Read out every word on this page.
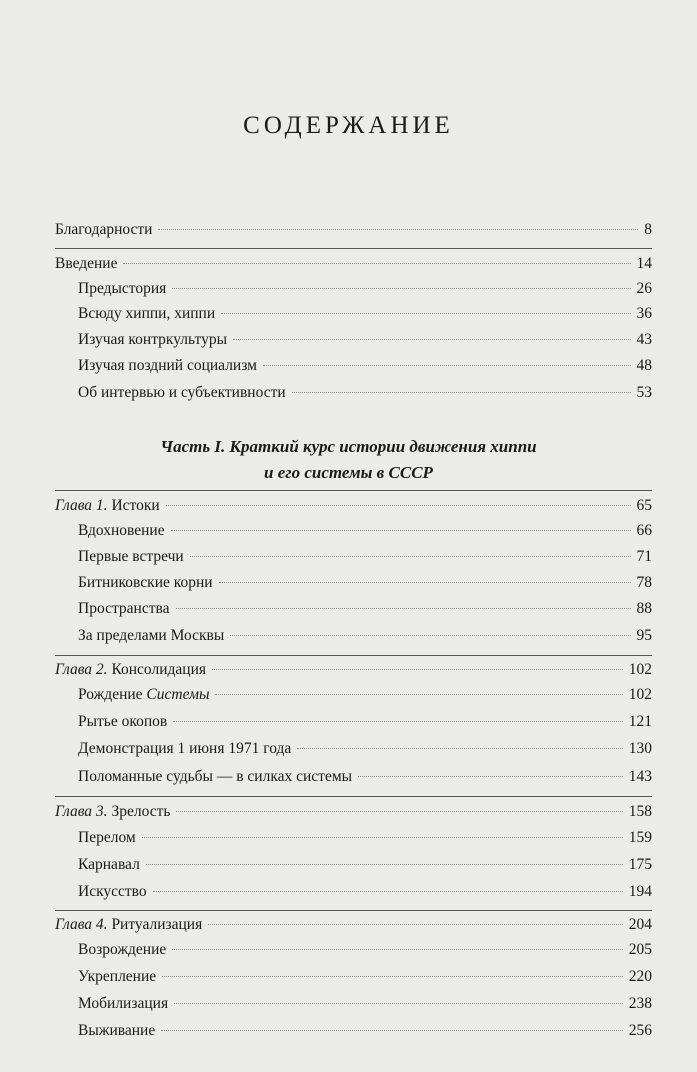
СОДЕРЖАНИЕ
Благодарности	8
Введение	14
Предыстория	26
Всюду хиппи, хиппи	36
Изучая контркультуры	43
Изучая поздний социализм	48
Об интервью и субъективности	53
Часть I. Краткий курс истории движения хиппи
и его системы в СССР
Глава 1. Истоки	65
Вдохновение	66
Первые встречи	71
Битниковские корни	78
Пространства	88
За пределами Москвы	95
Глава 2. Консолидация	102
Рождение Системы	102
Рытье окопов	121
Демонстрация 1 июня 1971 года	130
Поломанные судьбы — в силках системы	143
Глава 3. Зрелость	158
Перелом	159
Карнавал	175
Искусство	194
Глава 4. Ритуализация	204
Возрождение	205
Укрепление	220
Мобилизация	238
Выживание	256
